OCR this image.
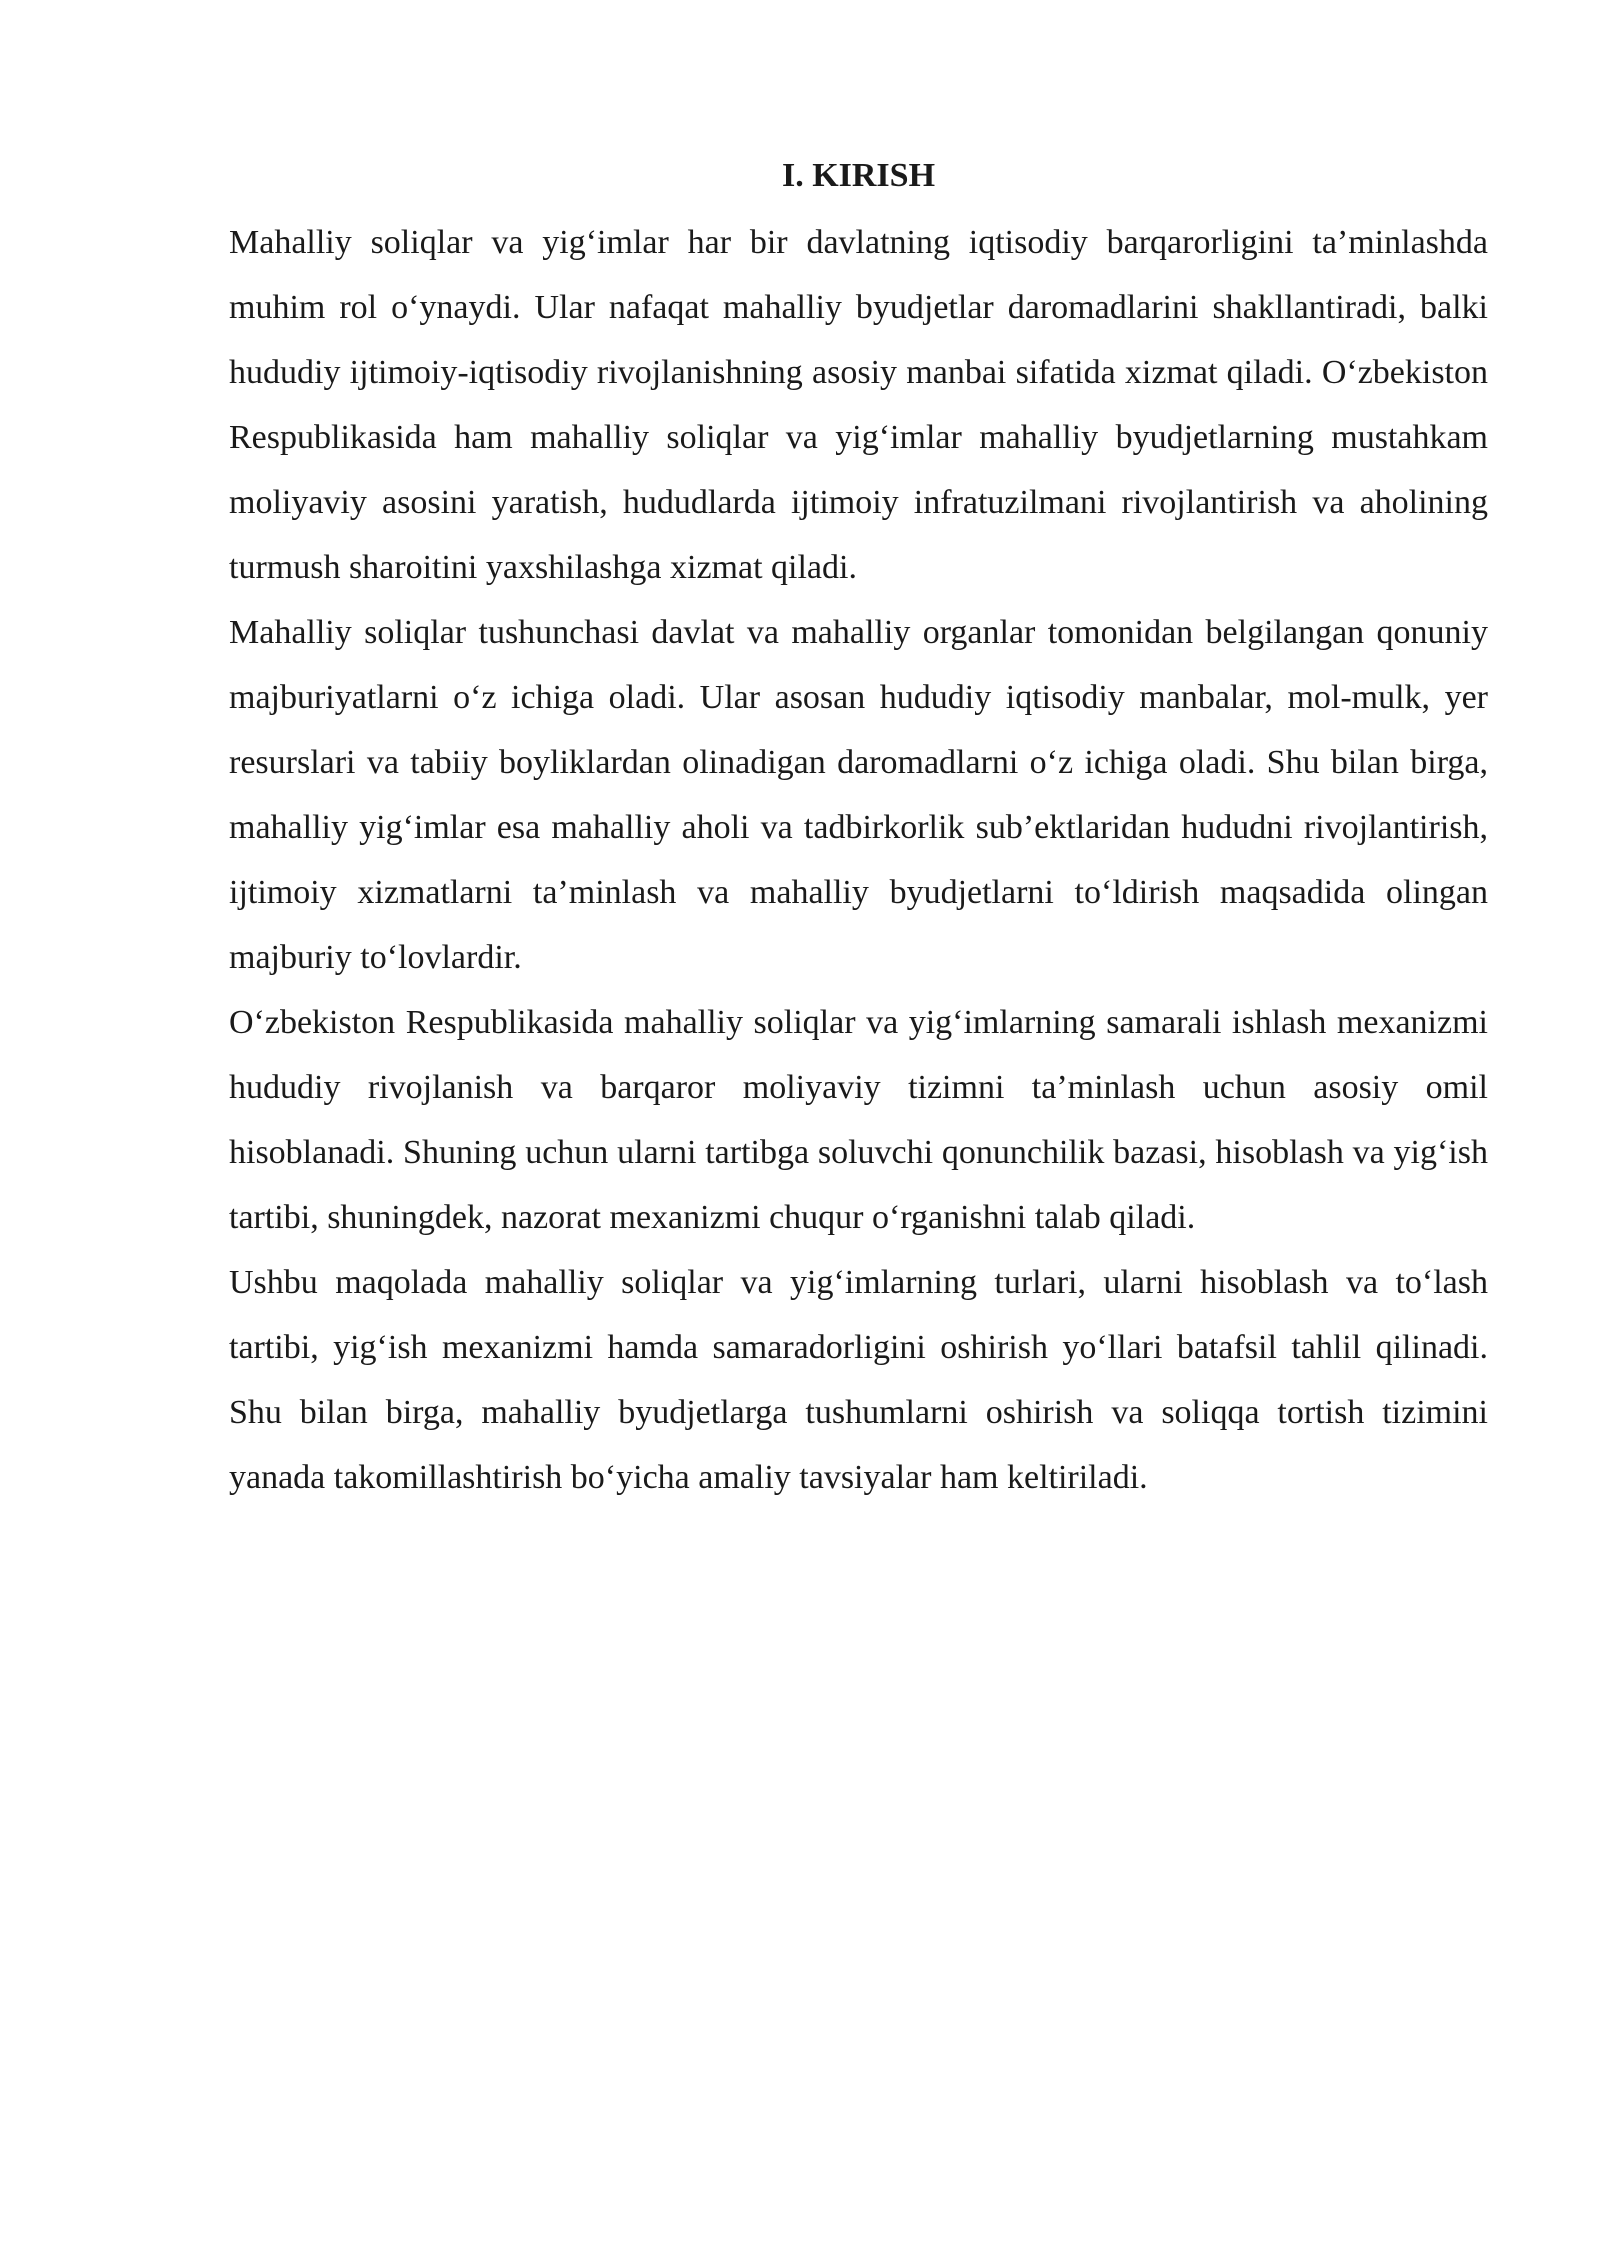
I. KIRISH

Mahalliy soliqlar va yig‘imlar har bir davlatning iqtisodiy barqarorligini ta’minlashda muhim rol o‘ynaydi. Ular nafaqat mahalliy byudjetlar daromadlarini shakllantiradi, balki hududiy ijtimoiy-iqtisodiy rivojlanishning asosiy manbai sifatida xizmat qiladi. O‘zbekiston Respublikasida ham mahalliy soliqlar va yig‘imlar mahalliy byudjetlarning mustahkam moliyaviy asosini yaratish, hududlarda ijtimoiy infratuzilmani rivojlantirish va aholining turmush sharoitini yaxshilashga xizmat qiladi.

Mahalliy soliqlar tushunchasi davlat va mahalliy organlar tomonidan belgilangan qonuniy majburiyatlarni o‘z ichiga oladi. Ular asosan hududiy iqtisodiy manbalar, mol-mulk, yer resurslari va tabiiy boyliklardan olinadigan daromadlarni o‘z ichiga oladi. Shu bilan birga, mahalliy yig‘imlar esa mahalliy aholi va tadbirkorlik sub’ektlaridan hududni rivojlantirish, ijtimoiy xizmatlarni ta’minlash va mahalliy byudjetlarni to‘ldirish maqsadida olingan majburiy to‘lovlardir.

O‘zbekiston Respublikasida mahalliy soliqlar va yig‘imlarning samarali ishlash mexanizmi hududiy rivojlanish va barqaror moliyaviy tizimni ta’minlash uchun asosiy omil hisoblanadi. Shuning uchun ularni tartibga soluvchi qonunchilik bazasi, hisoblash va yig‘ish tartibi, shuningdek, nazorat mexanizmi chuqur o‘rganishni talab qiladi.

Ushbu maqolada mahalliy soliqlar va yig‘imlarning turlari, ularni hisoblash va to‘lash tartibi, yig‘ish mexanizmi hamda samaradorligini oshirish yo‘llari batafsil tahlil qilinadi. Shu bilan birga, mahalliy byudjetlarga tushumlarni oshirish va soliqqa tortish tizimini yanada takomillashtirish bo‘yicha amaliy tavsiyalar ham keltiriladi.
